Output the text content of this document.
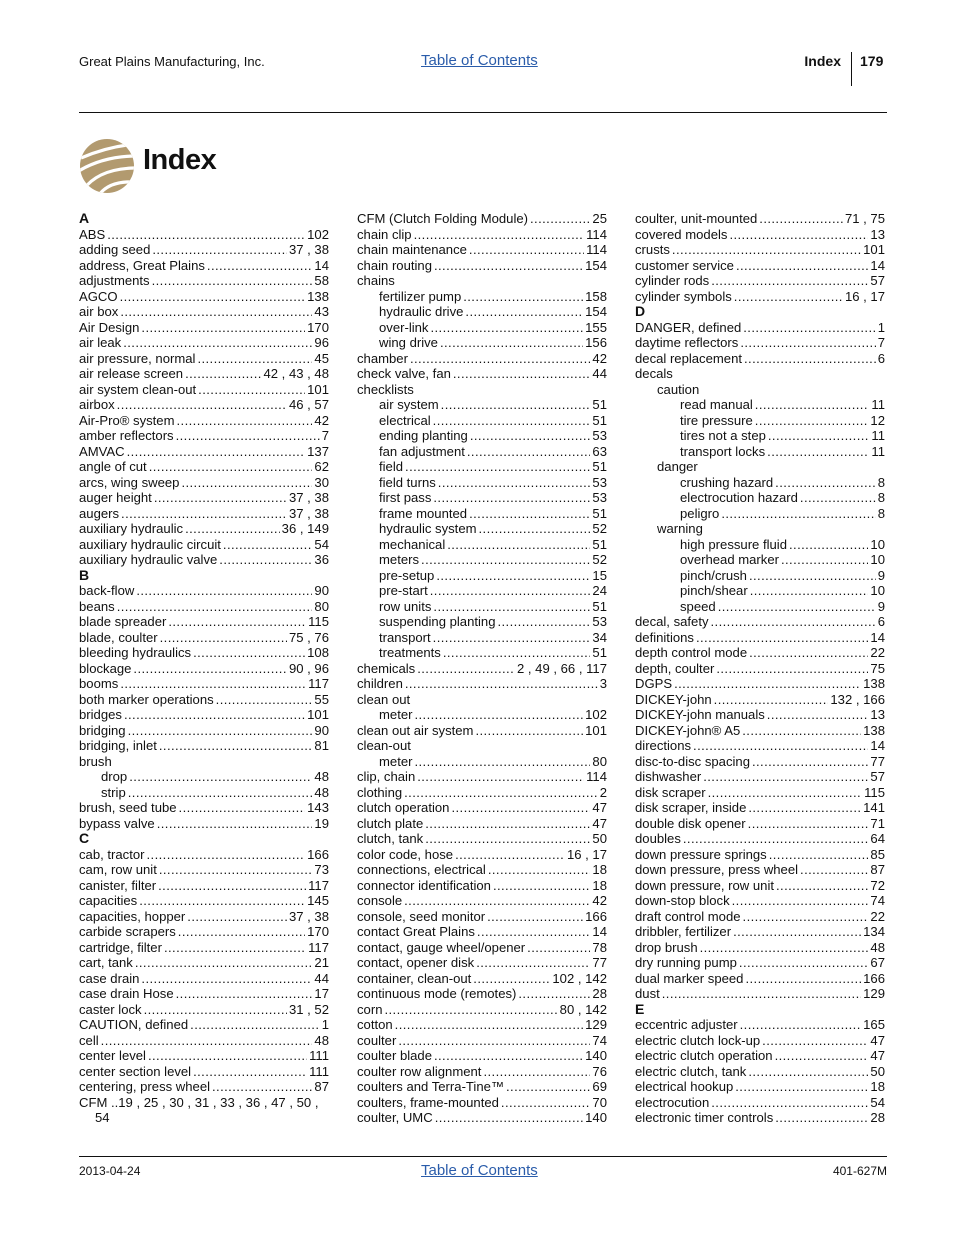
Great Plains Manufacturing, Inc.	Table of Contents	Index 179
Index
A
ABS .....	102
adding seed .....	37 , 38
address, Great Plains .....	14
adjustments .....	58
AGCO .....	138
air box .....	43
Air Design .....	170
air leak .....	96
air pressure, normal .....	45
air release screen .....	42 , 43 , 48
air system clean-out .....	101
airbox .....	46 , 57
Air-Pro® system .....	42
amber reflectors .....	7
AMVAC .....	137
angle of cut .....	62
arcs, wing sweep .....	30
auger height .....	37 , 38
augers .....	37 , 38
auxiliary hydraulic .....	36 , 149
auxiliary hydraulic circuit .....	54
auxiliary hydraulic valve .....	36
B
back-flow .....	90
beans .....	80
blade spreader .....	115
blade, coulter .....	75 , 76
bleeding hydraulics .....	108
blockage .....	90 , 96
booms .....	117
both marker operations .....	55
bridges .....	101
bridging .....	90
bridging, inlet .....	81
brush
drop .....	48
strip .....	48
brush, seed tube .....	143
bypass valve .....	19
C
cab, tractor .....	166
cam, row unit .....	73
canister, filter .....	117
capacities .....	145
capacities, hopper .....	37 , 38
carbide scrapers .....	170
cartridge, filter .....	117
cart, tank .....	21
case drain .....	44
case drain Hose .....	17
caster lock .....	31 , 52
CAUTION, defined .....	1
cell .....	48
center level .....	111
center section level .....	111
centering, press wheel .....	87
CFM ..19 , 25 , 30 , 31 , 33 , 36 , 47 , 50 ,
54
CFM (Clutch Folding Module) .....	25
chain clip .....	114
chain maintenance .....	114
chain routing .....	154
chains
fertilizer pump .....	158
hydraulic drive .....	154
over-link .....	155
wing drive .....	156
chamber .....	42
check valve, fan .....	44
checklists
air system .....	51
electrical .....	51
ending planting .....	53
fan adjustment .....	63
field .....	51
field turns .....	53
first pass .....	53
frame mounted .....	51
hydraulic system .....	52
mechanical .....	51
meters .....	52
pre-setup .....	15
pre-start .....	24
row units .....	51
suspending planting .....	53
transport .....	34
treatments .....	51
chemicals .....	2 , 49 , 66 , 117
children .....	3
clean out
meter .....	102
clean out air system .....	101
clean-out
meter .....	80
clip, chain .....	114
clothing .....	2
clutch operation .....	47
clutch plate .....	47
clutch, tank .....	50
color code, hose .....	16 , 17
connections, electrical .....	18
connector identification .....	18
console .....	42
console, seed monitor .....	166
contact Great Plains .....	14
contact, gauge wheel/opener .....	78
contact, opener disk .....	77
container, clean-out .....	102 , 142
continuous mode (remotes) .....	28
corn .....	80 , 142
cotton .....	129
coulter .....	74
coulter blade .....	140
coulter row alignment .....	76
coulters and Terra-Tine™ .....	69
coulters, frame-mounted .....	70
coulter, UMC .....	140
coulter, unit-mounted .....	71 , 75
covered models .....	13
crusts .....	101
customer service .....	14
cylinder rods .....	57
cylinder symbols .....	16 , 17
D
DANGER, defined .....	1
daytime reflectors .....	7
decal replacement .....	6
decals
caution
read manual .....	11
tire pressure .....	12
tires not a step .....	11
transport locks .....	11
danger
crushing hazard .....	8
electrocution hazard .....	8
peligro .....	8
warning
high pressure fluid .....	10
overhead marker .....	10
pinch/crush .....	9
pinch/shear .....	10
speed .....	9
decal, safety .....	6
definitions .....	14
depth control mode .....	22
depth, coulter .....	75
DGPS .....	138
DICKEY-john .....	132 , 166
DICKEY-john manuals .....	13
DICKEY-john® A5 .....	138
directions .....	14
disc-to-disc spacing .....	77
dishwasher .....	57
disk scraper .....	115
disk scraper, inside .....	141
double disk opener .....	71
doubles .....	64
down pressure springs .....	85
down pressure, press wheel .....	87
down pressure, row unit .....	72
down-stop block .....	74
draft control mode .....	22
dribbler, fertilizer .....	134
drop brush .....	48
dry running pump .....	67
dual marker speed .....	166
dust .....	129
E
eccentric adjuster .....	165
electric clutch lock-up .....	47
electric clutch operation .....	47
electric clutch, tank .....	50
electrical hookup .....	18
electrocution .....	54
electronic timer controls .....	28
2013-04-24	Table of Contents	401-627M
